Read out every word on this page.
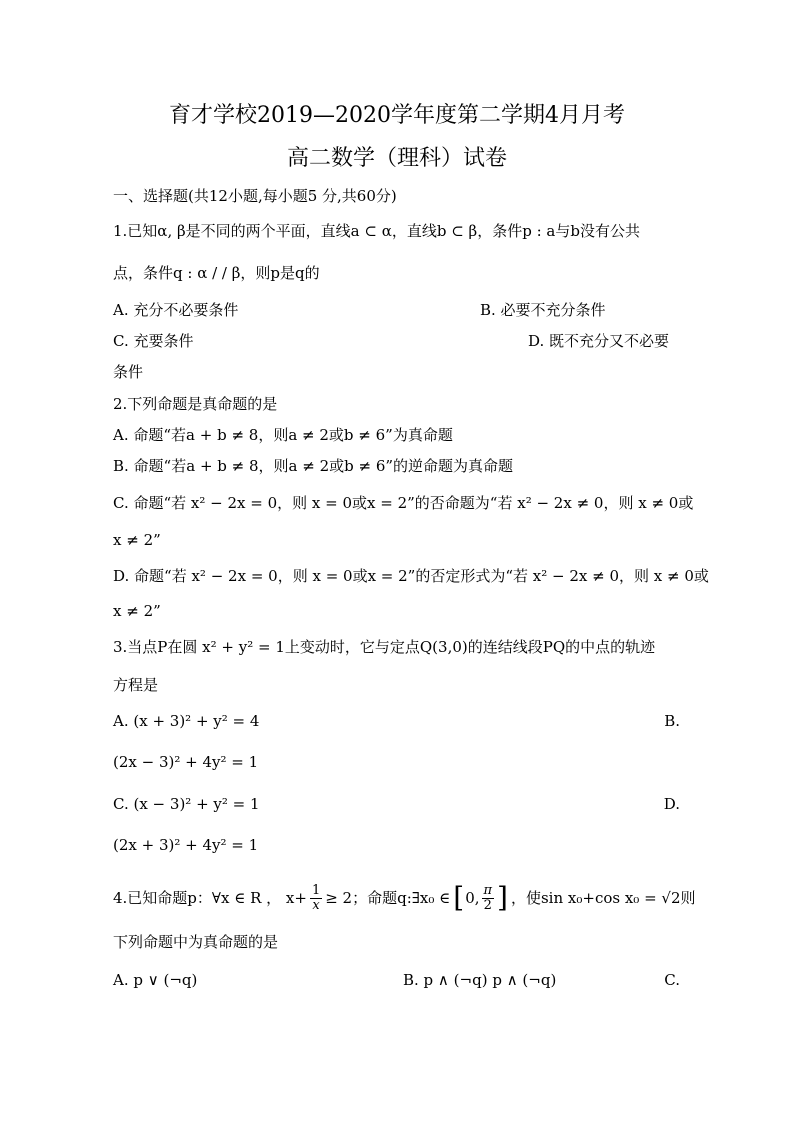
育才学校2019—2020学年度第二学期4月月考
高二数学（理科）试卷
一、选择题(共12小题,每小题5 分,共60分)
1.已知α, β是不同的两个平面，直线a ⊂ α，直线b ⊂ β，条件p : a与b没有公共
点，条件q : α / / β，则p是q的
A. 充分不必要条件	B. 必要不充分条件
C. 充要条件	D. 既不充分又不必要
条件
2.下列命题是真命题的是
A. 命题“若a + b ≠ 8，则a ≠ 2或b ≠ 6”为真命题
B. 命题“若a + b ≠ 8，则a ≠ 2或b ≠ 6”的逆命题为真命题
C. 命题“若 x² − 2x = 0，则 x = 0或x = 2”的否命题为“若 x² − 2x ≠ 0，则 x ≠ 0或
x ≠ 2”
D. 命题“若 x² − 2x = 0，则 x = 0或x = 2”的否定形式为“若 x² − 2x ≠ 0，则 x ≠ 0或
x ≠ 2”
3.当点P在圆 x² + y² = 1上变动时，它与定点Q(3,0)的连结线段PQ的中点的轨迹
方程是
A. (x + 3)² + y² = 4	B.
(2x − 3)² + 4y² = 1
C. (x − 3)² + y² = 1	D.
(2x + 3)² + 4y² = 1
4.已知命题p：∀x ∈ R ， $x+ \frac{1}{x} \ge 2$；命题q:∃x₀ ∈ [ 0, $\frac{\pi}{2}$ ] ，使sin x₀+cos x₀ = √2则
下列命题中为真命题的是
A. p ∨ (¬q)	B. p ∧ (¬q) p ∧ (¬q)	C.
